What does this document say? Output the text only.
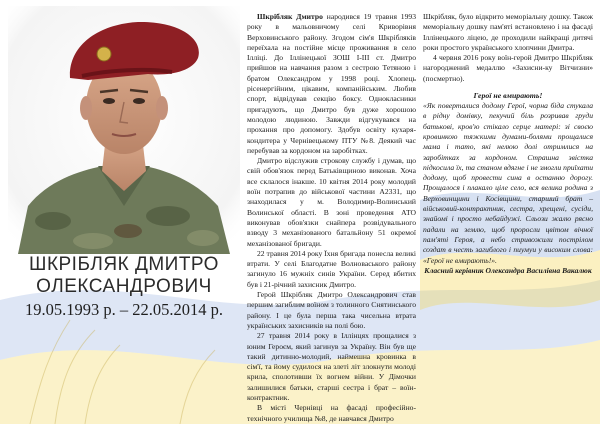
ШКРІБЛЯК ДМИТРО
ОЛЕКСАНДРОВИЧ
19.05.1993 р. – 22.05.2014 р.

Шкрібляк Дмитро народився 19 травня 1993 року в мальовничому селі Криворівня Верховинського району. Згодом сім'я Шкрібляків переїхала на постійне місце проживання в село Ілліці. До Іллінецької ЗОШ І-ІІІ ст. Дмитро прийшов на навчання разом з сестрою Тетяною і братом Олександром у 1998 році. Хлопець рісенергійним, цікавим, компанійським. Любив спорт, відвідував секцію боксу. Однокласники пригадують, що Дмитро був дуже хорошою молодою людиною. Завжди відгукувався на прохання про допомогу. Здобув освіту кухаря-кондитера у Чернівецькому ПТУ №8. Деякий час перебував за кордоном на заробітках.

Дмитро відслужив строкову службу і думав, що свій обов'язок перед Батьківщиною виконав. Хоча все склалося інакше. 10 квітня 2014 року молодий воїн потрапив до військової частини А2331, що знаходилася у м. Володимир-Волинський Волинської області. В зоні проведення АТО виконував обов'язки снайпера розвідувального взводу 3 механізованого батальйону 51 окремої механізованої бригади.

22 травня 2014 року Їхня бригада понесла великі втрати. У селі Благодатне Волноваського району загинуло 16 мужніх синів України. Серед вбитих був і 21-річний захисник Дмитро.

Герой Шкрібляк Дмитро Олександрович став першим загиблим воїном з толинного Снятинського району. І це була перша така чисельна втрата українських захисників на полі бою.

27 травня 2014 року в Іллінцях прощалися з юним Героєм, який загинув за Україну. Він був ще такий дитинно-молодий, наймешна кровинка в сім'ї, та йому судилося на злеті літ злокнути молоді крила, сполотивши їх вогнем війни. У Дімочки залишилися батьки, старші сестра і брат – воїн-контрактник.

В місті Чернівці на фасаді професійно-технічного училища №8, де навчався Дмитро

Шкрібляк, було відкрито меморіальну дошку. Також меморіальну дошку пам'яті встановлено і на фасаді Іллінецького ліцею, де проходили найкращі дитячі роки простого українського хлопчини Дмитра.

4 червня 2016 року воїн-герой Дмитро Шкрібляк нагороджений медаллю «Захисни-ку Вітчизни» (посмертно).

Герої не вмирають!

«Як поверталися додому Герої, чорна біда стукала в рідну домівку, пекучий біль розривав груди батькові, кров'ю стікало серце матері: зі своєю кровинкою тяжкими думами-болями прощалися мама і тато, які нелюю долі отримлися на заробітках за кордоном. Страшна звістка підкосила їх, та станом вдягне і не змогли приїхати додому, щоб провести сина в останню дорогу. Прощалося і плакало ціле село, вся велика родина з Верховинщини і Косівщини, старший брат – військовий-контрактник, сестра, хрещені, сусіди, знайомі і просто небайдужі. Сльози жалю рясно падали на землю, щоб проросли цвітом вічної пам'яті Героя, а небо стривожили пострілом создат в честь загиблого і пиумуи у високим слова: «Герої не вмирають!».

Класний керівник Олександра Василівна Вакалюк
